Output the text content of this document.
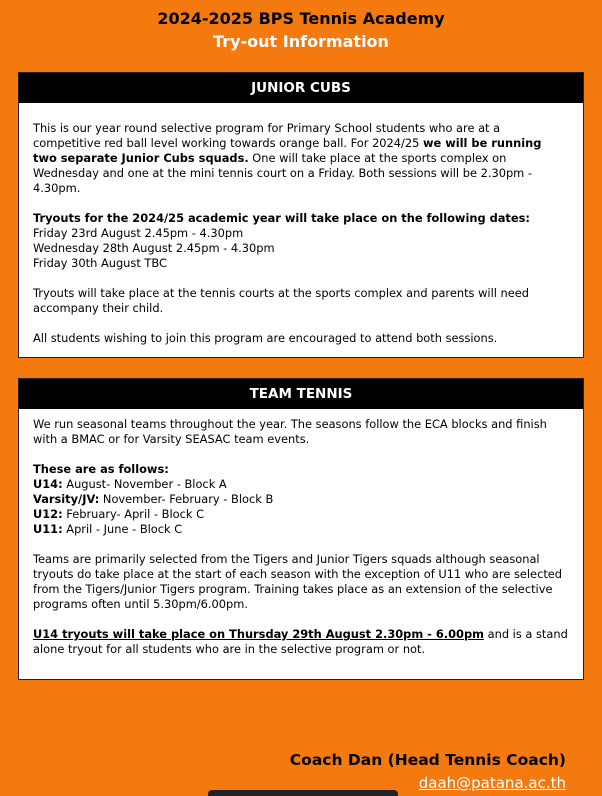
2024-2025 BPS Tennis Academy
Try-out Information
JUNIOR CUBS

This is our year round selective program for Primary School students who are at a competitive red ball level working towards orange ball. For 2024/25 we will be running two separate Junior Cubs squads. One will take place at the sports complex on Wednesday and one at the mini tennis court on a Friday. Both sessions will be 2.30pm - 4.30pm.

Tryouts for the 2024/25 academic year will take place on the following dates:
Friday 23rd August 2.45pm - 4.30pm
Wednesday 28th August 2.45pm - 4.30pm
Friday 30th August TBC

Tryouts will take place at the tennis courts at the sports complex and parents will need accompany their child.

All students wishing to join this program are encouraged to attend both sessions.

TEAM TENNIS

We run seasonal teams throughout the year. The seasons follow the ECA blocks and finish with a BMAC or for Varsity SEASAC team events.

These are as follows:
U14: August- November - Block A
Varsity/JV: November- February - Block B
U12: February- April - Block C
U11: April - June - Block C

Teams are primarily selected from the Tigers and Junior Tigers squads although seasonal tryouts do take place at the start of each season with the exception of U11 who are selected from the Tigers/Junior Tigers program. Training takes place as an extension of the selective programs often until 5.30pm/6.00pm.

U14 tryouts will take place on Thursday 29th August 2.30pm - 6.00pm and is a stand alone tryout for all students who are in the selective program or not.

Coach Dan (Head Tennis Coach)
daah@patana.ac.th
